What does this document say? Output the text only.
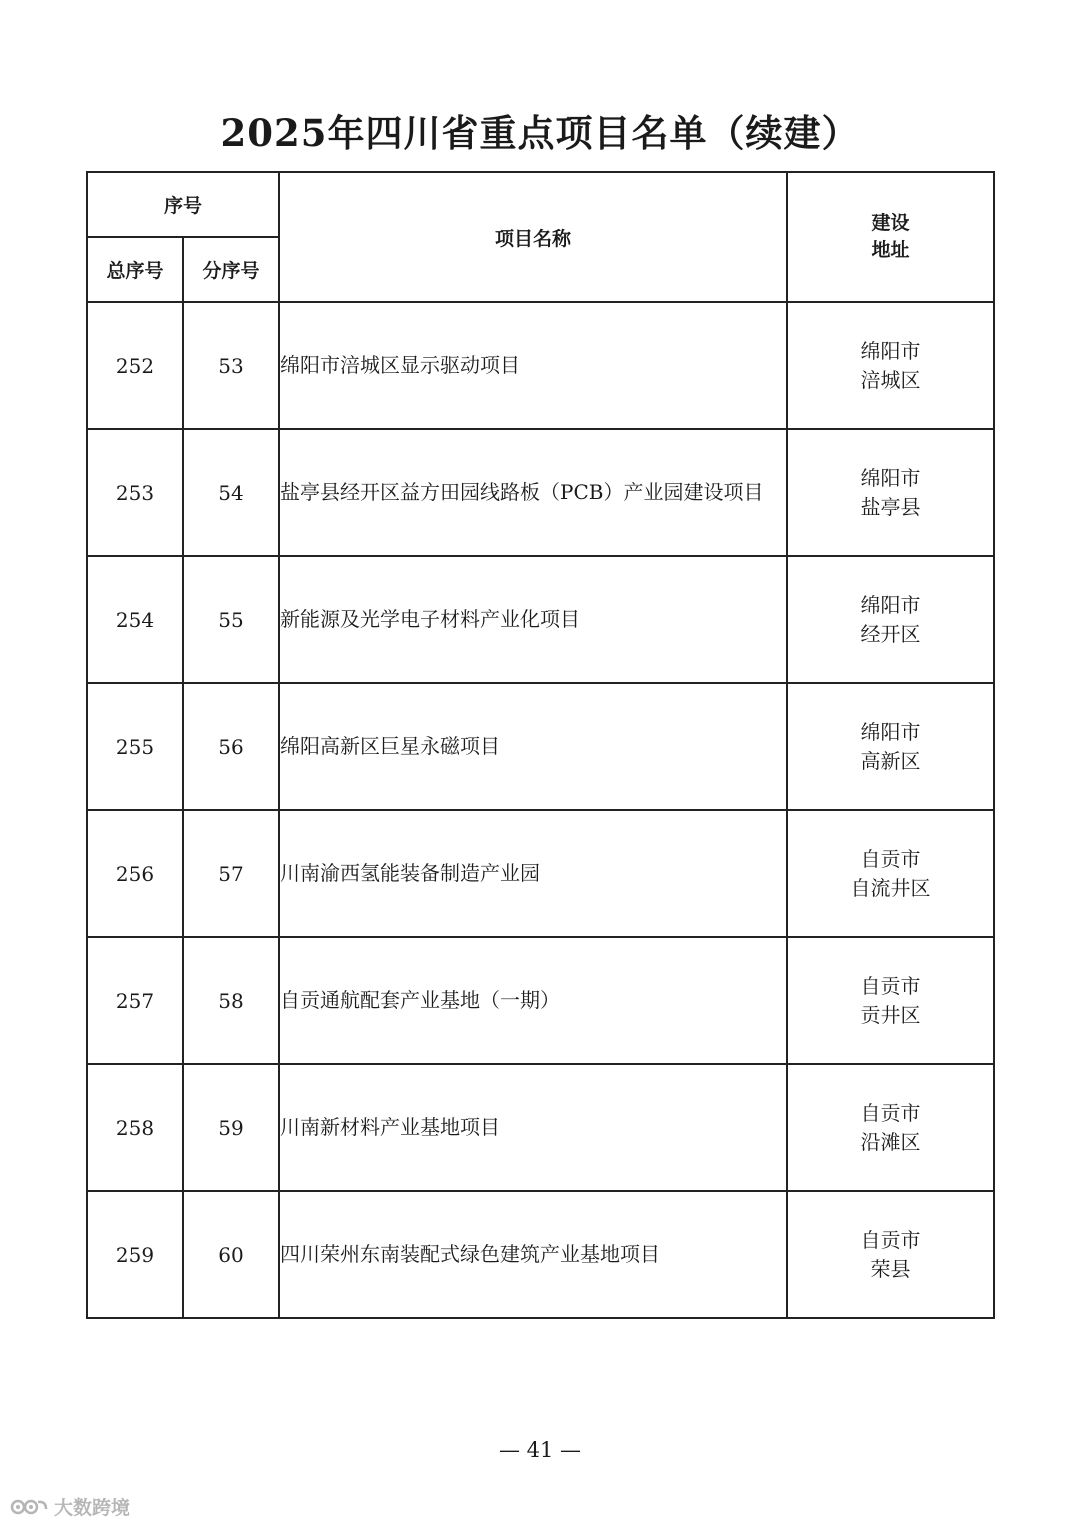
2025年四川省重点项目名单（续建）
序号		项目名称	建设
地址

总序号	分序号		
252	53	绵阳市涪城区显示驱动项目	绵阳市
涪城区

253	54	盐亭县经开区益方田园线路板（PCB）产业园建设项目	绵阳市
盐亭县

254	55	新能源及光学电子材料产业化项目	绵阳市
经开区

255	56	绵阳高新区巨星永磁项目	绵阳市
高新区

256	57	川南渝西氢能装备制造产业园	自贡市
自流井区

257	58	自贡通航配套产业基地（一期）	自贡市
贡井区

258	59	川南新材料产业基地项目	自贡市
沿滩区

259	60	四川荣州东南装配式绿色建筑产业基地项目	自贡市
荣县
— 41 —
大数跨境
